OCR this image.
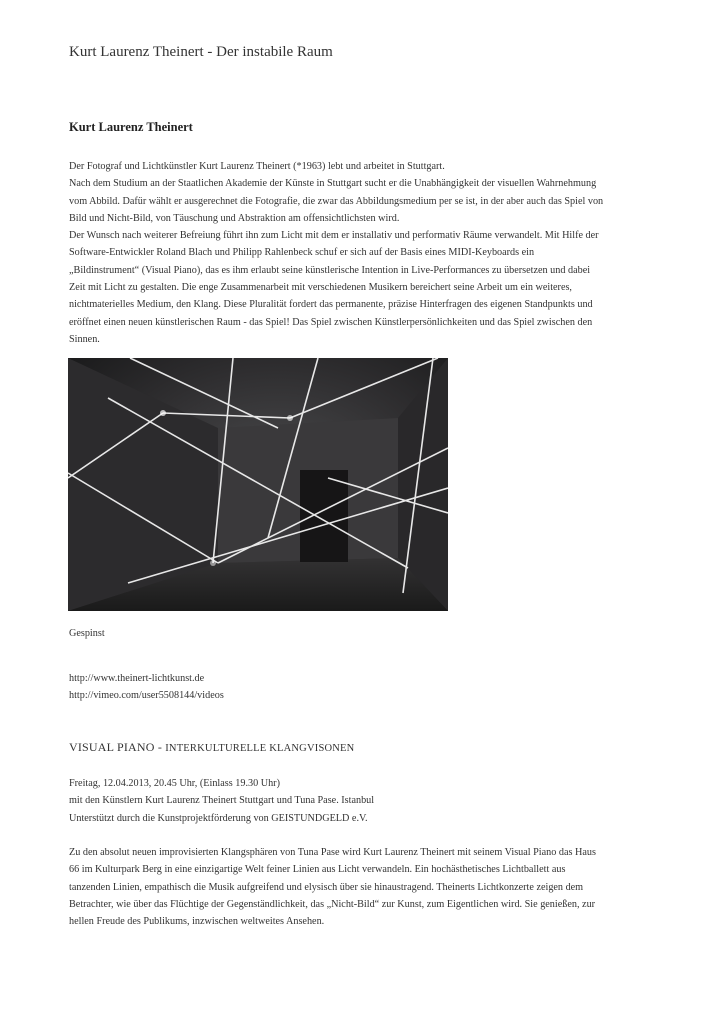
Kurt Laurenz Theinert - Der instabile Raum
Kurt Laurenz Theinert

Der Fotograf und Lichtkünstler Kurt Laurenz Theinert (*1963) lebt und arbeitet in Stuttgart.

Nach dem Studium an der Staatlichen Akademie der Künste in Stuttgart sucht er die Unabhängigkeit der visuellen Wahrnehmung

vom Abbild. Dafür wählt er ausgerechnet die Fotografie, die zwar das Abbildungsmedium per se ist, in der aber auch das Spiel von

Bild und Nicht-Bild, von Täuschung und Abstraktion am offensichtlichsten wird.

Der Wunsch nach weiterer Befreiung führt ihn zum Licht mit dem er installativ und performativ Räume verwandelt. Mit Hilfe der

Software-Entwickler Roland Blach und Philipp Rahlenbeck schuf er sich auf der Basis eines MIDI-Keyboards ein

„Bildinstrument“ (Visual Piano), das es ihm erlaubt seine künstlerische Intention in Live-Performances zu übersetzen und dabei

Zeit mit Licht zu gestalten. Die enge Zusammenarbeit mit verschiedenen Musikern bereichert seine Arbeit um ein weiteres,

nichtmaterielles Medium, den Klang. Diese Pluralität fordert das permanente, präzise Hinterfragen des eigenen Standpunkts und

eröffnet einen neuen künstlerischen Raum - das Spiel! Das Spiel zwischen Künstlerpersönlichkeiten und das Spiel zwischen den

Sinnen.

Gespinst

http://www.theinert-lichtkunst.de

http://vimeo.com/user5508144/videos

VISUAL PIANO - INTERKULTURELLE KLANGVISONEN

Freitag, 12.04.2013, 20.45 Uhr, (Einlass 19.30 Uhr)

mit den Künstlern Kurt Laurenz Theinert Stuttgart und Tuna Pase. Istanbul

Unterstützt durch die Kunstprojektförderung von GEISTUNDGELD e.V.

Zu den absolut neuen improvisierten Klangsphären von Tuna Pase wird Kurt Laurenz Theinert mit seinem Visual Piano das Haus

66 im Kulturpark Berg in eine einzigartige Welt feiner Linien aus Licht verwandeln. Ein hochästhetisches Lichtballett aus

tanzenden Linien, empathisch die Musik aufgreifend und elysisch über sie hinaustragend. Theinerts Lichtkonzerte zeigen dem

Betrachter, wie über das Flüchtige der Gegenständlichkeit, das „Nicht-Bild“ zur Kunst, zum Eigentlichen wird. Sie genießen, zur

hellen Freude des Publikums, inzwischen weltweites Ansehen.
